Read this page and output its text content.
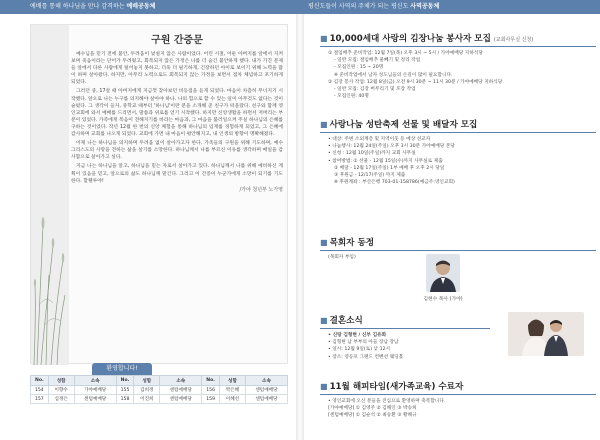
예배를 통해 하나님을 만나 감격하는 예배공동체	평신도들이 사역의 주체가 되는 평신도 사역공동체
구원 간증문

예수님을 믿기 전에 불안, 두려움이 낯설지 않은 사람이었다. 어린 시절, 어둔 아버지를 앞에서 지켜보며 죽음이라는 단어가 두려웠고, 회복되지 않은 가정은 나를 더 숨긴 불안하게 했다. 내가 가진 문제들 앞에서 다른 사람에게 털어놓지 못하고, 더욱 더 필기하게, 긴장하던 아이로 보이기 위해 노력을 많이 하며 살아왔다. 하지만, 아무리 노력으로도 회복되지 않는 가정을 보면서 점차 체념하고 포기하게 되었다.

그러던 중, 17살 때 아버지에게 지금껏 찾아보던 비등점을 듣게 되었다. 마음이 차츰히 무너지기 시작했다. 앞으로 나는 누구를 의지해야 살아야 하나. 나의 힘으로 할 수 있는 일이 아무것도 없다는 것이 슬펐다. 그 생각이 들자, 중학교 때부터 '하나님'이란 분을 소개해 준 친구가 떠올랐다. 친구와 함께 영인교회에 와서 예배를 드리면서, 말씀과 위로를 얻기 시작했다. 하지만 신앙생활을 하면서 저버리는 부분이 있었다. 가족에게 복음이 전해지기를 바라는 마음과, 그 마음을 불러일으켜 주실 하나님의 은혜를 구하는 것이었다. 작년 12월 한 번의 신앙 체험을 통해 하나님의 임재를 경험하게 되었고, 그 은혜에 감사하며 교회를 나오게 되었다. 교회에 가면 내 마음이 평안해지고, 내 인생의 방향이 명확해졌다.

이제 나는 하나님을 의지하며 두려움 없이 살아가고자 한다. 가족들의 구원을 위해 기도하며, 예수 그리스도의 사랑을 전하는 삶을 살기를 소망한다. 하나님께서 나를 부르신 이유를 생각하며 매일을 감사함으로 살아가고 싶다.

지금 나는 하나님을 알고, 하나님을 믿는 자로서 살아가고 있다. 하나님께서 나를 위해 예비하신 계획이 있음을 믿고, 앞으로의 삶도 하나님께 맡긴다. 그리고 이 간증이 누군가에게 소망이 되기를 기도한다. 할렐루야!

/가야 청년부 노가영

환영합니다!
No.	성함	소속	No.	성함	소속	No.	성함	소속
154	이향수	가야예배당	155	김희정	센텀예배당	156	박은혜	센텀예배당
157	심정은	센텀예배당	158	이진희	센텀예배당	159	이혜선	센텀예배당
■ 10,000세대 사랑의 김장나눔 봉사자 모집 (교회사무실 신청)
① 절임배추 준비작업: 12월 7일(목) 오후 3시 ~ 5시 / 가야예배당 지하식당
- 일반 모집: 절임배추 물빼기 및 정리 작업
- 모집인원 : 15 ~ 20명
※ 준비작업에서 남자 성도님들의 손길이 많이 필요합니다.
② 김장 봉사 작업: 12월 8일(금) 오전 9시 30분 ~ 11시 30분 / 가야예배당 지하식당
- 일반 모집: 김장 버무리기 및 포장 작업
- 모집인원: 40명
■ 사랑나눔 성탄축제 선물 및 배달자 모집
• 대상: 주변 소외계층 및 지역이웃 등 예상 선교자
• 나눔행사: 12월 24일(주일) 오후 3시 30분 가야예배당 본당
• 신청 : 12월 10일(주일)까지 교회 사무실
• 참여방법: ① 선물 - 12월 15일(수)까지 사무실로 제출
② 배달 - 12월 17일(주일) 1부 예배 후 오후 2시 당일
③ 후원금 - 12/17(주일) 까지 제출
※ 후원계좌 : 부산은행 703-01-158786(예금주:영인교회)
■ 목회자 동정
(목회자 부임)
김현수 목사 (가야)
■ 결혼소식
• 신랑 김형현 / 신부 김유화
• 김형현 남 부부의 아들 장남 장남
• 일시: 12월 9일(토) 낮 12시
• 장소: 영등포 그랜드 컨벤션 웨딩홀
■ 11월 해피타임(새가족교육) 수료자
• 영인교회에 오신 분들을 진심으로 환영하며 축복합니다.
[가야예배당] ① 김영주 ② 김해인 ③ 박승희
[센텀예배당] ① 김순석 ② 최승환 ③ 황혜규
